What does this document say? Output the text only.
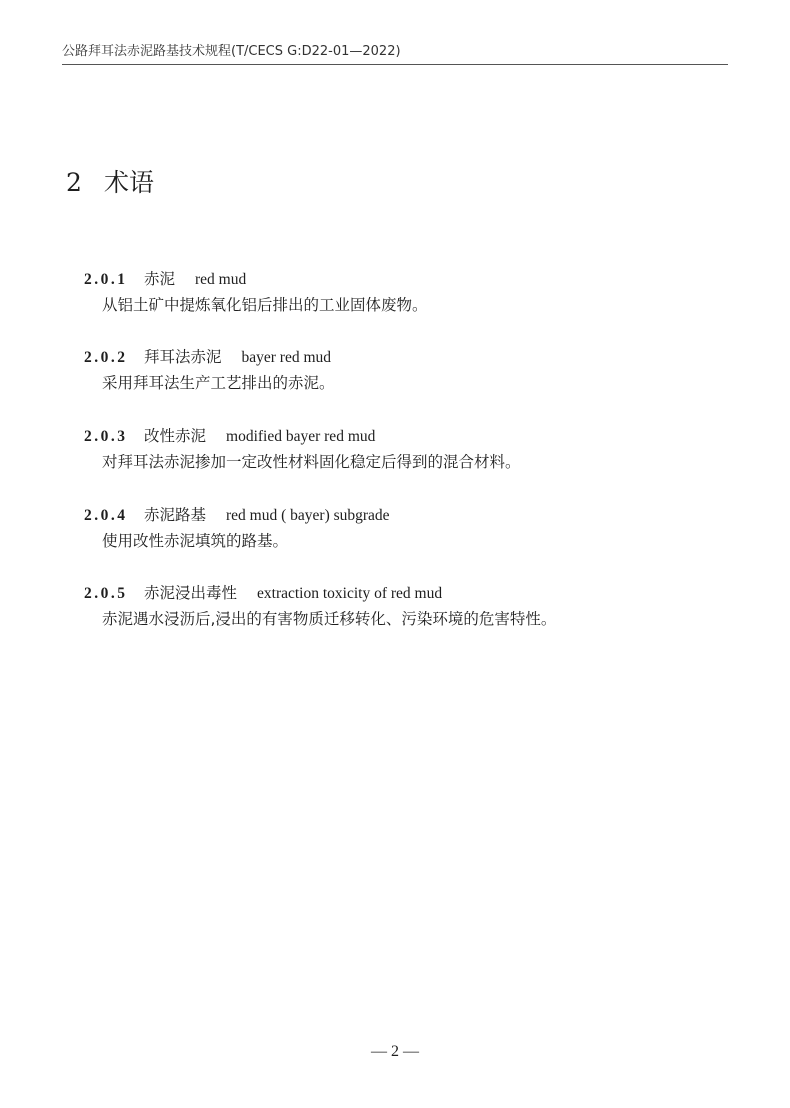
公路拜耳法赤泥路基技术规程(T/CECS G:D22-01—2022)
2 术语
2.0.1 赤泥 red mud
从铝土矿中提炼氧化铝后排出的工业固体废物。
2.0.2 拜耳法赤泥 bayer red mud
采用拜耳法生产工艺排出的赤泥。
2.0.3 改性赤泥 modified bayer red mud
对拜耳法赤泥掺加一定改性材料固化稳定后得到的混合材料。
2.0.4 赤泥路基 red mud ( bayer) subgrade
使用改性赤泥填筑的路基。
2.0.5 赤泥浸出毒性 extraction toxicity of red mud
赤泥遇水浸沥后,浸出的有害物质迁移转化、污染环境的危害特性。
— 2 —
